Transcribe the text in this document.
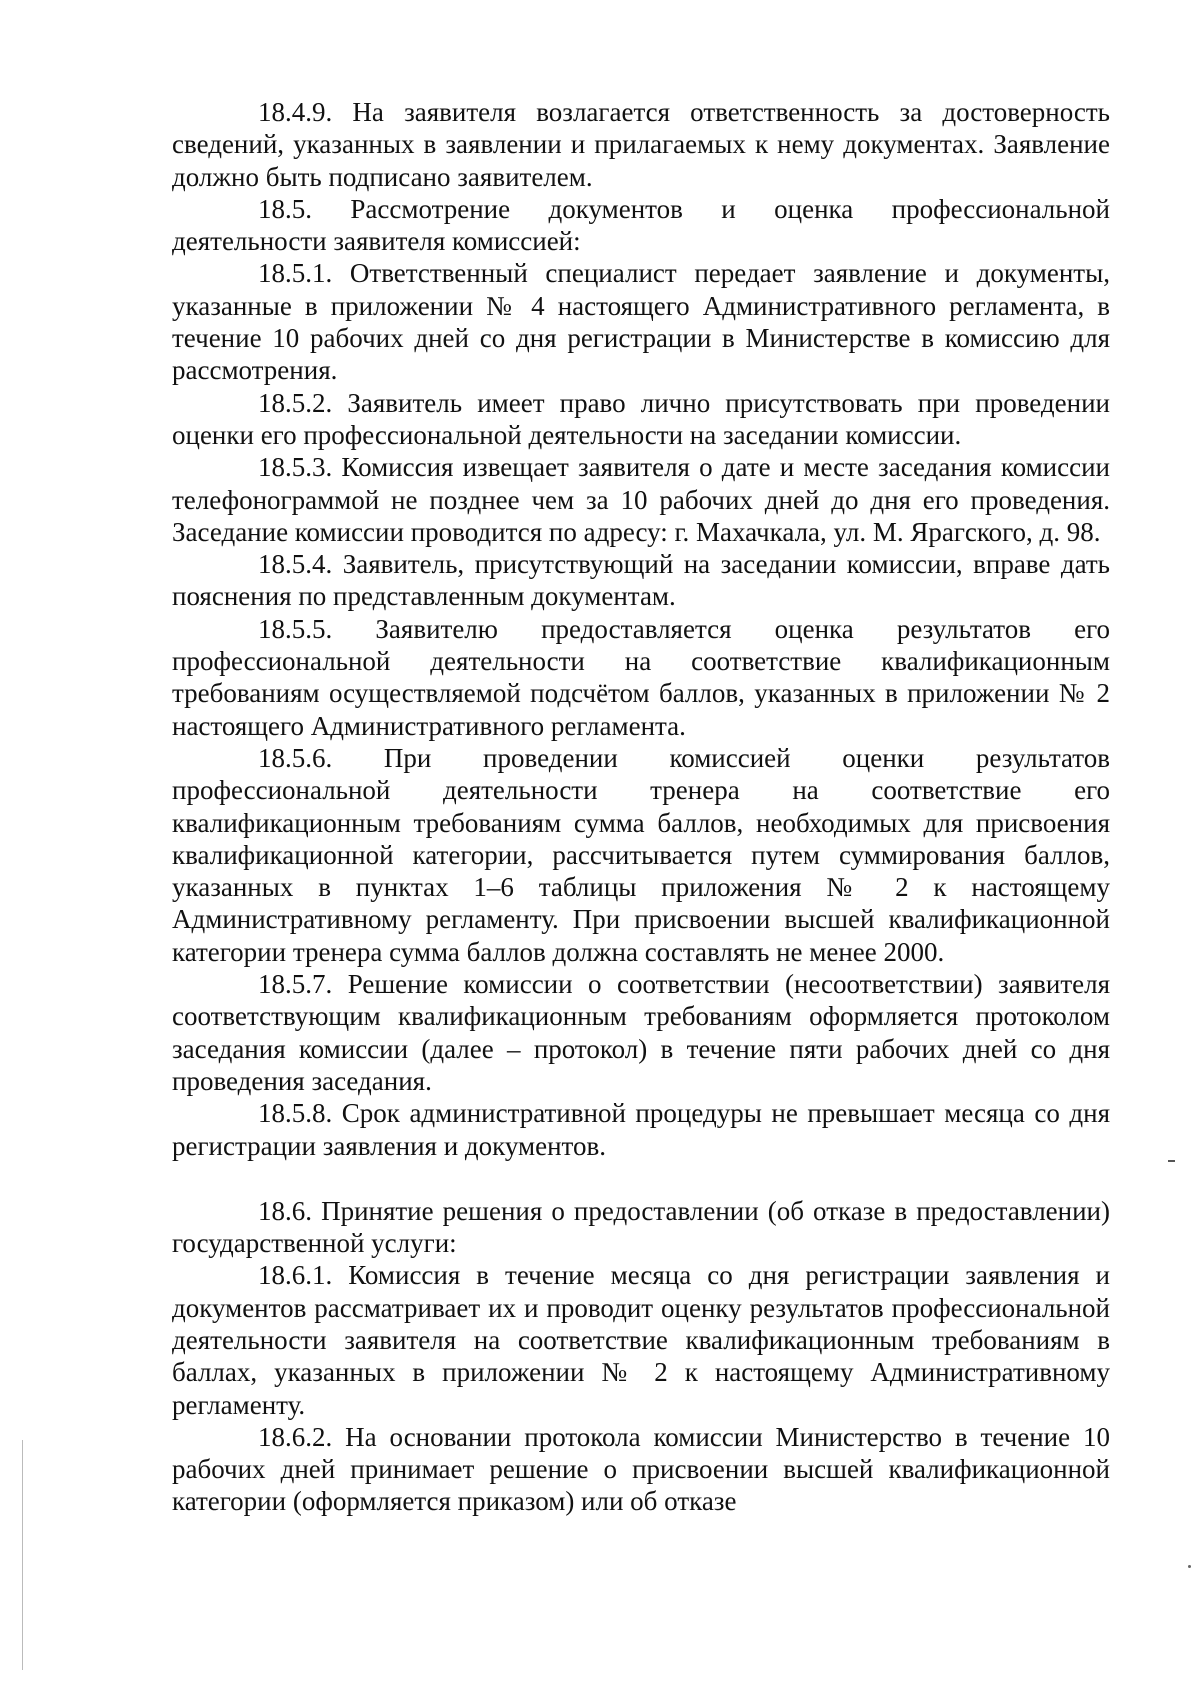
18.4.9. На заявителя возлагается ответственность за достоверность сведений, указанных в заявлении и прилагаемых к нему документах. Заявление должно быть подписано заявителем.

18.5. Рассмотрение документов и оценка профессиональной деятельности заявителя комиссией:

18.5.1. Ответственный специалист передает заявление и документы, указанные в приложении № 4 настоящего Административного регламента, в течение 10 рабочих дней со дня регистрации в Министерстве в комиссию для рассмотрения.

18.5.2. Заявитель имеет право лично присутствовать при проведении оценки его профессиональной деятельности на заседании комиссии.

18.5.3. Комиссия извещает заявителя о дате и месте заседания комиссии телефонограммой не позднее чем за 10 рабочих дней до дня его проведения. Заседание комиссии проводится по адресу: г. Махачкала, ул. М. Ярагского, д. 98.

18.5.4. Заявитель, присутствующий на заседании комиссии, вправе дать пояснения по представленным документам.

18.5.5. Заявителю предоставляется оценка результатов его профессиональной деятельности на соответствие квалификационным требованиям осуществляемой подсчётом баллов, указанных в приложении № 2 настоящего Административного регламента.

18.5.6. При проведении комиссией оценки результатов профессиональной деятельности тренера на соответствие его квалификационным требованиям сумма баллов, необходимых для присвоения квалификационной категории, рассчитывается путем суммирования баллов, указанных в пунктах 1–6 таблицы приложения № 2 к настоящему Административному регламенту. При присвоении высшей квалификационной категории тренера сумма баллов должна составлять не менее 2000.

18.5.7. Решение комиссии о соответствии (несоответствии) заявителя соответствующим квалификационным требованиям оформляется протоколом заседания комиссии (далее – протокол) в течение пяти рабочих дней со дня проведения заседания.

18.5.8. Срок административной процедуры не превышает месяца со дня регистрации заявления и документов.

18.6. Принятие решения о предоставлении (об отказе в предоставлении) государственной услуги:

18.6.1. Комиссия в течение месяца со дня регистрации заявления и документов рассматривает их и проводит оценку результатов профессиональной деятельности заявителя на соответствие квалификационным требованиям в баллах, указанных в приложении № 2 к настоящему Административному регламенту.

18.6.2. На основании протокола комиссии Министерство в течение 10 рабочих дней принимает решение о присвоении высшей квалификационной категории (оформляется приказом) или об отказе
